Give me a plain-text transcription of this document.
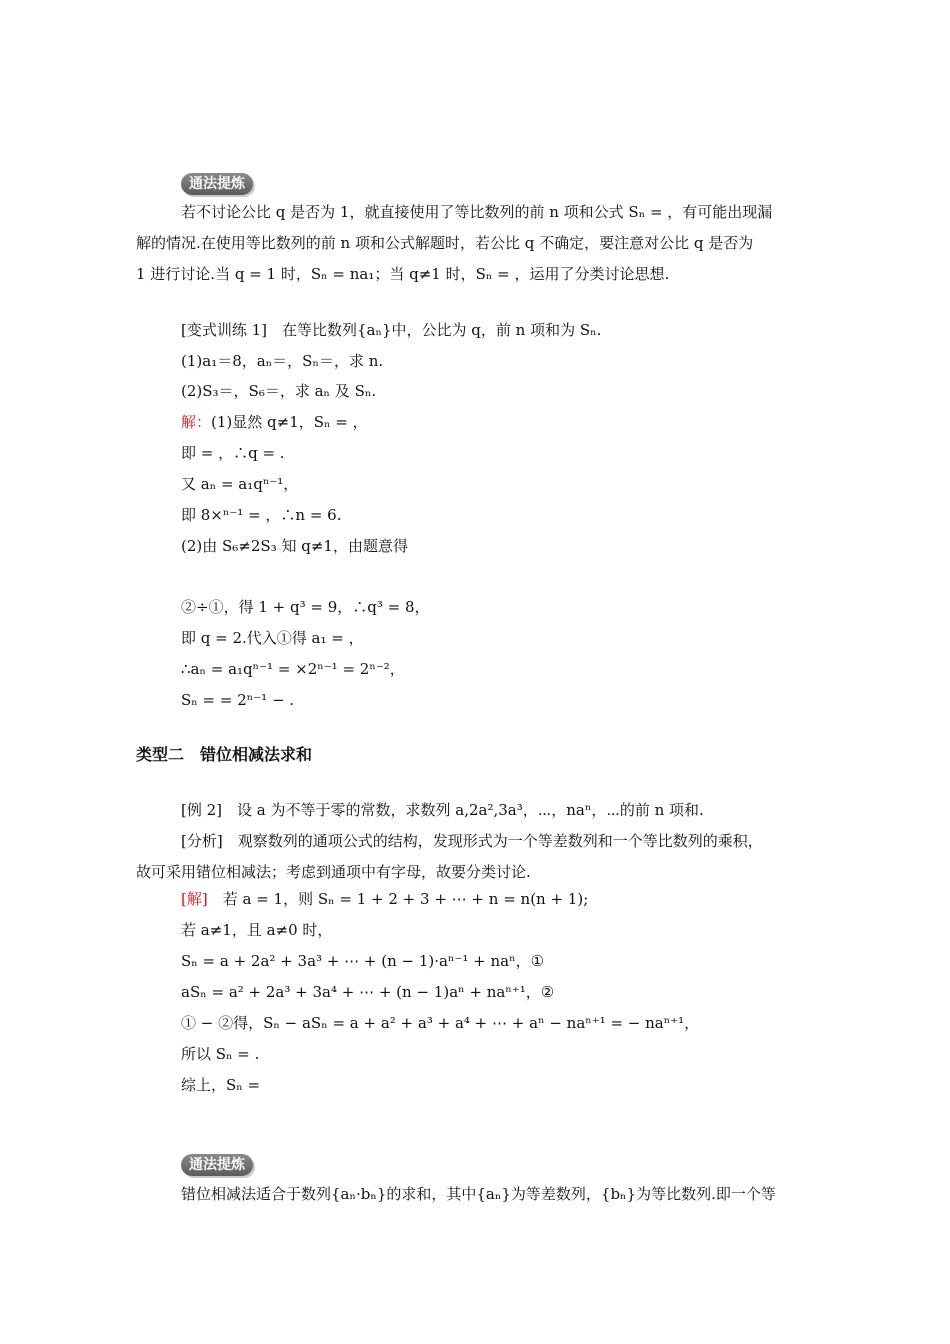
通法提炼
若不讨论公比 q 是否为 1，就直接使用了等比数列的前 n 项和公式 Sₙ = ，有可能出现漏
解的情况.在使用等比数列的前 n 项和公式解题时，若公比 q 不确定，要注意对公比 q 是否为
1 进行讨论.当 q = 1 时，Sₙ = na₁；当 q≠1 时，Sₙ = ，运用了分类讨论思想.
[变式训练 1]　在等比数列{aₙ}中，公比为 q，前 n 项和为 Sₙ.
(1)a₁＝8，aₙ＝，Sₙ＝，求 n.
(2)S₃＝，S₆＝，求 aₙ 及 Sₙ.
解：(1)显然 q≠1，Sₙ = ，
即 = ，∴q = .
又 aₙ = a₁qⁿ⁻¹，
即 8×ⁿ⁻¹ = ，∴n = 6.
(2)由 S₆≠2S₃ 知 q≠1，由题意得
②÷①，得 1 + q³ = 9，∴q³ = 8，
即 q = 2.代入①得 a₁ = ，
∴aₙ = a₁qⁿ⁻¹ = ×2ⁿ⁻¹ = 2ⁿ⁻²，
Sₙ = = 2ⁿ⁻¹ − .
类型二　错位相减法求和
[例 2]　设 a 为不等于零的常数，求数列 a,2a²,3a³，⋯，naⁿ，⋯的前 n 项和.
[分析]　观察数列的通项公式的结构，发现形式为一个等差数列和一个等比数列的乘积，
故可采用错位相减法；考虑到通项中有字母，故要分类讨论.
[解]　若 a = 1，则 Sₙ = 1 + 2 + 3 + ⋯ + n = n(n + 1);
若 a≠1，且 a≠0 时，
Sₙ = a + 2a² + 3a³ + ⋯ + (n − 1)·aⁿ⁻¹ + naⁿ，①
aSₙ = a² + 2a³ + 3a⁴ + ⋯ + (n − 1)aⁿ + naⁿ⁺¹，②
① − ②得，Sₙ − aSₙ = a + a² + a³ + a⁴ + ⋯ + aⁿ − naⁿ⁺¹ = − naⁿ⁺¹，
所以 Sₙ = .
综上，Sₙ =
通法提炼
错位相减法适合于数列{aₙ·bₙ}的求和，其中{aₙ}为等差数列，{bₙ}为等比数列.即一个等
